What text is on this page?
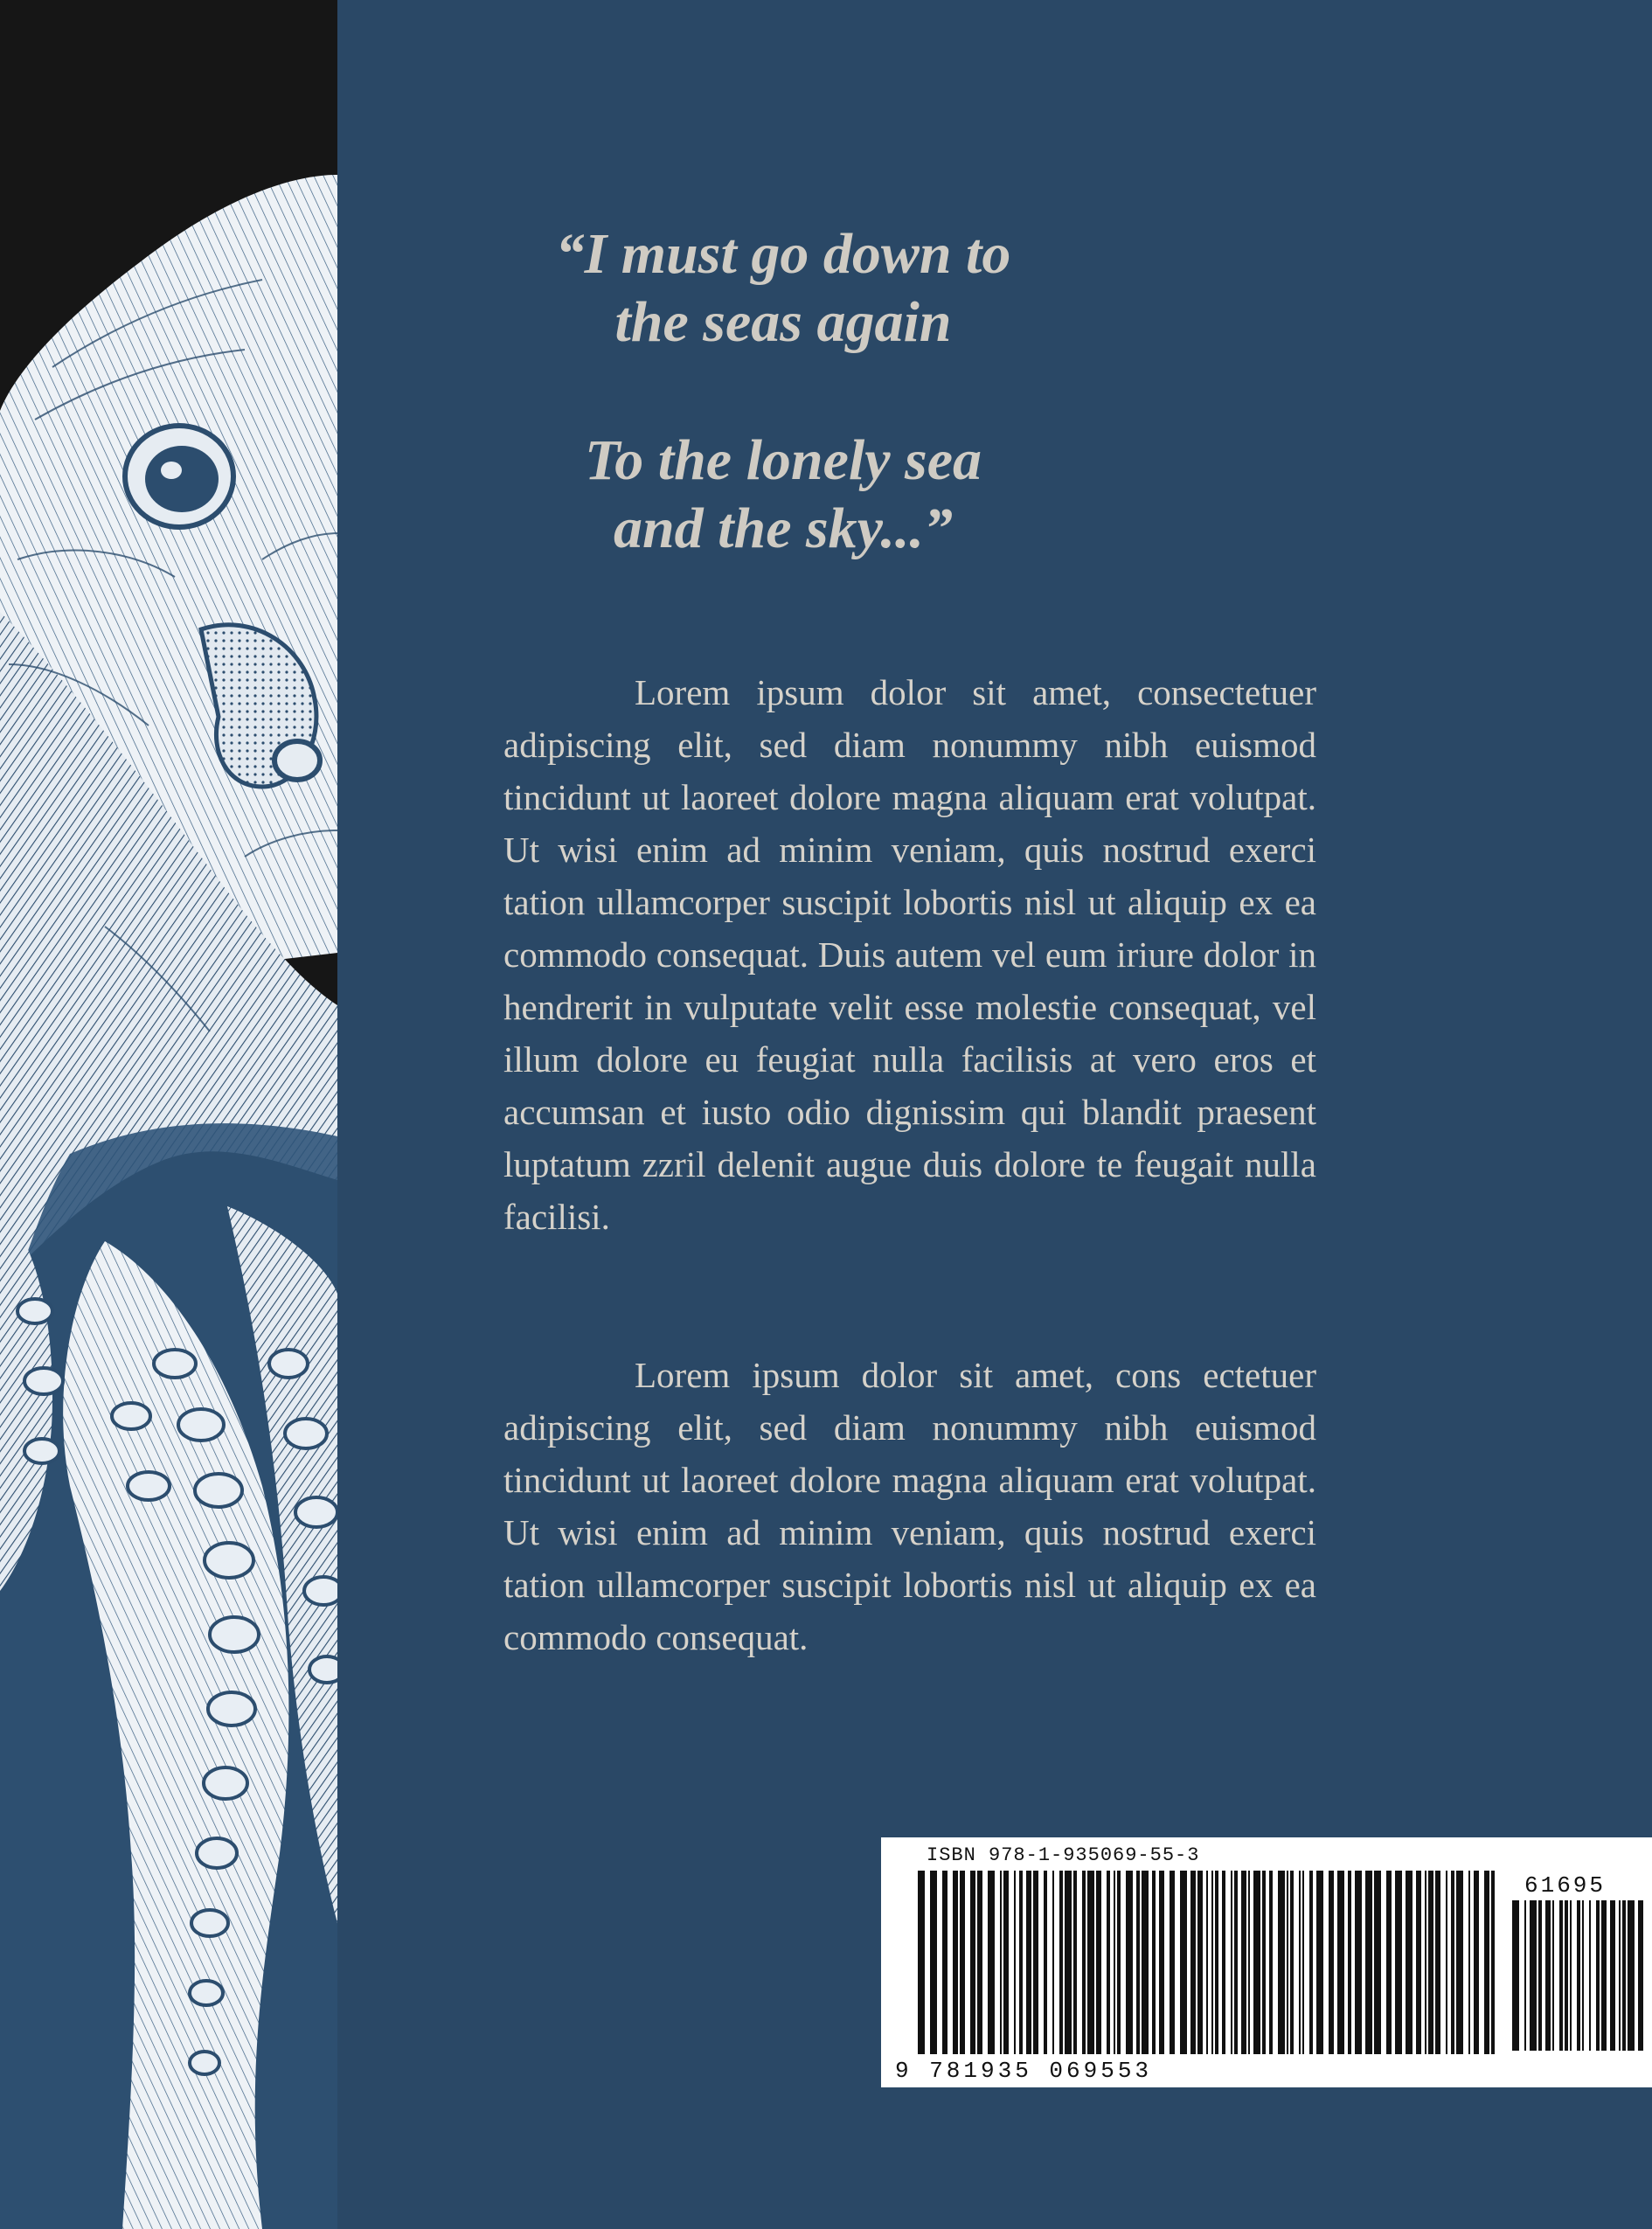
“I must go down to
the seas again

To the lonely sea
and the sky...”

Lorem ipsum dolor sit amet, consectetuer adipiscing elit, sed diam nonummy nibh euismod tincidunt ut laoreet dolore magna aliquam erat volutpat. Ut wisi enim ad minim veniam, quis nostrud exerci tation ullamcorper suscipit lobortis nisl ut aliquip ex ea commodo consequat. Duis autem vel eum iriure dolor in hendrerit in vulputate velit esse molestie consequat, vel illum dolore eu feugiat nulla facilisis at vero eros et accumsan et iusto odio dignissim qui blandit praesent luptatum zzril delenit augue duis dolore te feugait nulla facilisi.

Lorem ipsum dolor sit amet, cons ectetuer adipiscing elit, sed diam nonummy nibh euismod tincidunt ut laoreet dolore magna aliquam erat volutpat. Ut wisi enim ad minim veniam, quis nostrud exerci tation ullamcorper suscipit lobortis nisl ut aliquip ex ea commodo consequat.

ISBN 978-1-935069-55-3
61695
9 781935 069553
